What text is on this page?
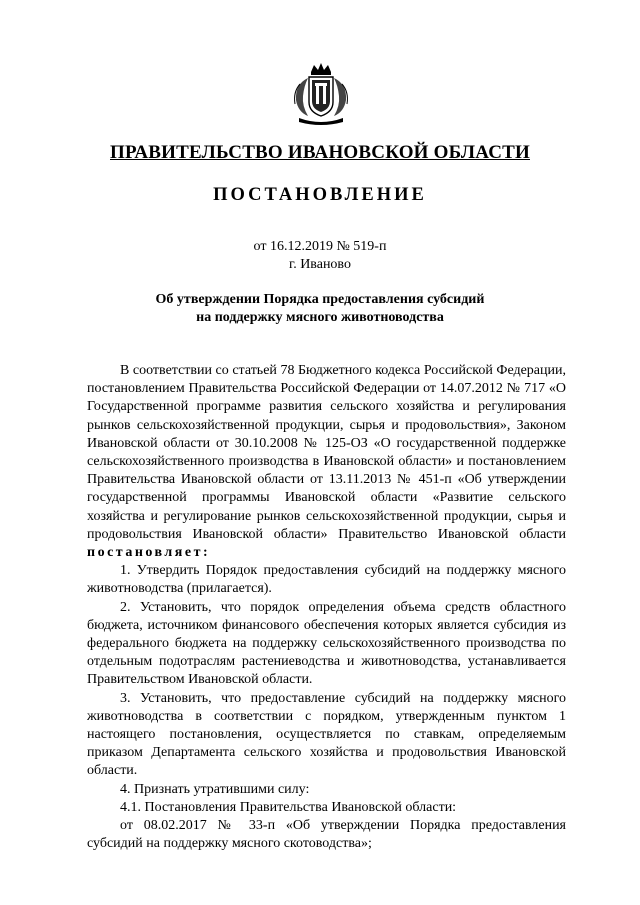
ПРАВИТЕЛЬСТВО ИВАНОВСКОЙ ОБЛАСТИ
ПОСТАНОВЛЕНИЕ
от 16.12.2019 № 519-п
г. Иваново
Об утверждении Порядка предоставления субсидий
на поддержку мясного животноводства

В соответствии со статьей 78 Бюджетного кодекса Российской Федерации, постановлением Правительства Российской Федерации от 14.07.2012 № 717 «О Государственной программе развития сельского хозяйства и регулирования рынков сельскохозяйственной продукции, сырья и продовольствия», Законом Ивановской области от 30.10.2008 № 125-ОЗ «О государственной поддержке сельскохозяйственного производства в Ивановской области» и постановлением Правительства Ивановской области от 13.11.2013 № 451-п «Об утверждении государственной программы Ивановской области «Развитие сельского хозяйства и регулирование рынков сельскохозяйственной продукции, сырья и продовольствия Ивановской области» Правительство Ивановской области постановляет:

1. Утвердить Порядок предоставления субсидий на поддержку мясного животноводства (прилагается).

2. Установить, что порядок определения объема средств областного бюджета, источником финансового обеспечения которых является субсидия из федерального бюджета на поддержку сельскохозяйственного производства по отдельным подотраслям растениеводства и животноводства, устанавливается Правительством Ивановской области.

3. Установить, что предоставление субсидий на поддержку мясного животноводства в соответствии с порядком, утвержденным пунктом 1 настоящего постановления, осуществляется по ставкам, определяемым приказом Департамента сельского хозяйства и продовольствия Ивановской области.

4. Признать утратившими силу:

4.1. Постановления Правительства Ивановской области:

от 08.02.2017 № 33-п «Об утверждении Порядка предоставления субсидий на поддержку мясного скотоводства»;
